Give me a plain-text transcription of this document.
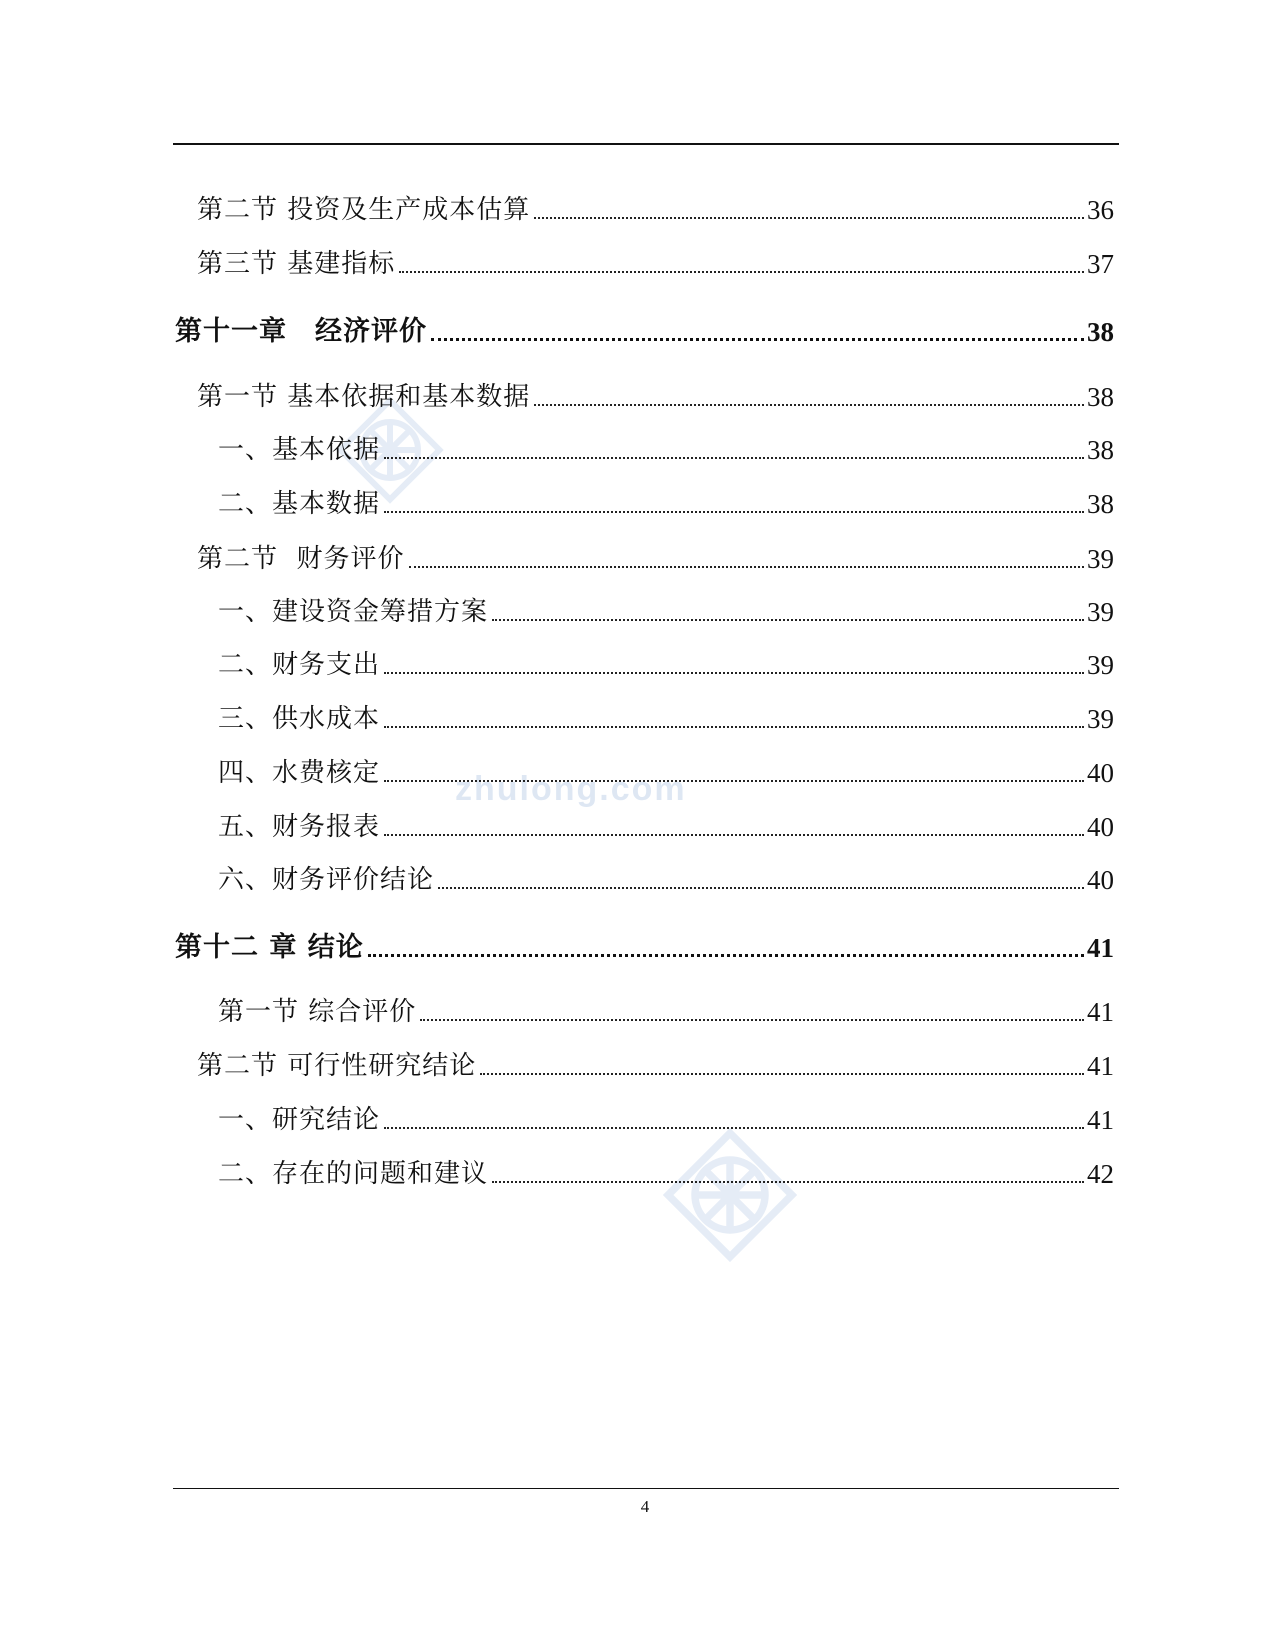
zhulong.com
第二节 投资及生产成本估算	36
第三节 基建指标	37
第十一章　经济评价	38
第一节 基本依据和基本数据	38
一、基本依据	38
二、基本数据	38
第二节  财务评价	39
一、建设资金筹措方案	39
二、财务支出	39
三、供水成本	39
四、水费核定	40
五、财务报表	40
六、财务评价结论	40
第十二 章 结论	41
第一节 综合评价	41
第二节 可行性研究结论	41
一、研究结论	41
二、存在的问题和建议	42
4
